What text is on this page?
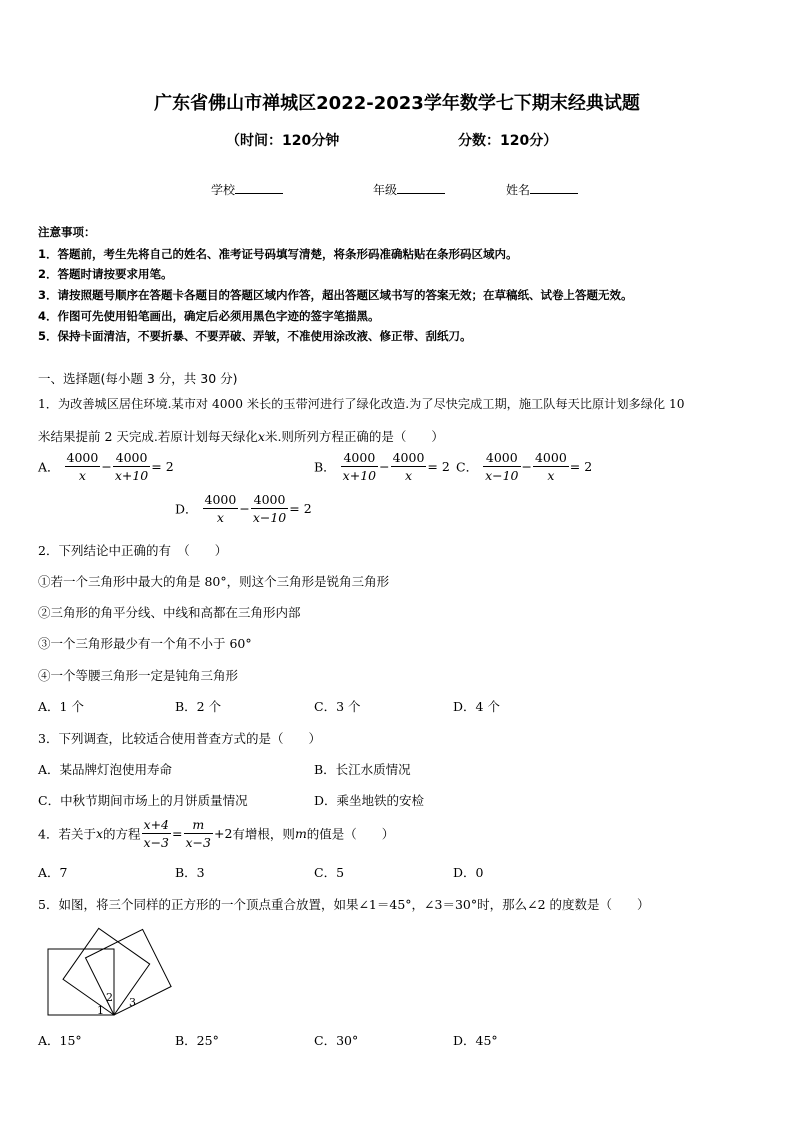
广东省佛山市禅城区2022-2023学年数学七下期末经典试题
（时间：120分钟	分数：120分）
学校	年级	姓名
注意事项：
1．答题前，考生先将自己的姓名、准考证号码填写清楚，将条形码准确粘贴在条形码区域内。
2．答题时请按要求用笔。
3．请按照题号顺序在答题卡各题目的答题区域内作答，超出答题区域书写的答案无效；在草稿纸、试卷上答题无效。
4．作图可先使用铅笔画出，确定后必须用黑色字迹的签字笔描黑。
5．保持卡面清洁，不要折暴、不要弄破、弄皱，不准使用涂改液、修正带、刮纸刀。
一、选择题(每小题 3 分，共 30 分)
1．为改善城区居住环境.某市对 4000 米长的玉带河进行了绿化改造.为了尽快完成工期，施工队每天比原计划多绿化 10
米结果提前 2 天完成.若原计划每天绿化x米.则所列方程正确的是（　　）
A． $\frac{4000}{x} - \frac{4000}{x+10} = 2$	B． $\frac{4000}{x+10} - \frac{4000}{x} = 2$ C． $\frac{4000}{x-10} - \frac{4000}{x} = 2$
D． $\frac{4000}{x} - \frac{4000}{x-10} = 2$
2．下列结论中正确的有　（　　）
①若一个三角形中最大的角是 80°，则这个三角形是锐角三角形
②三角形的角平分线、中线和高都在三角形内部
③一个三角形最少有一个角不小于 60°
④一个等腰三角形一定是钝角三角形
A．1 个	B．2 个	C．3 个	D．4 个
3．下列调查，比较适合使用普查方式的是（　　）
A．某品牌灯泡使用寿命	B．长江水质情况
C．中秋节期间市场上的月饼质量情况	D．乘坐地铁的安检
4．若关于x的方程 $\frac{x+4}{x-3} = \frac{m}{x-3} +2$有增根，则m的值是（　　）
A．7	B．3	C．5	D．0
5．如图，将三个同样的正方形的一个顶点重合放置，如果∠1＝45°，∠3＝30°时，那么∠2 的度数是（　　）
1
2 3
A．15°	B．25°	C．30°	D．45°
